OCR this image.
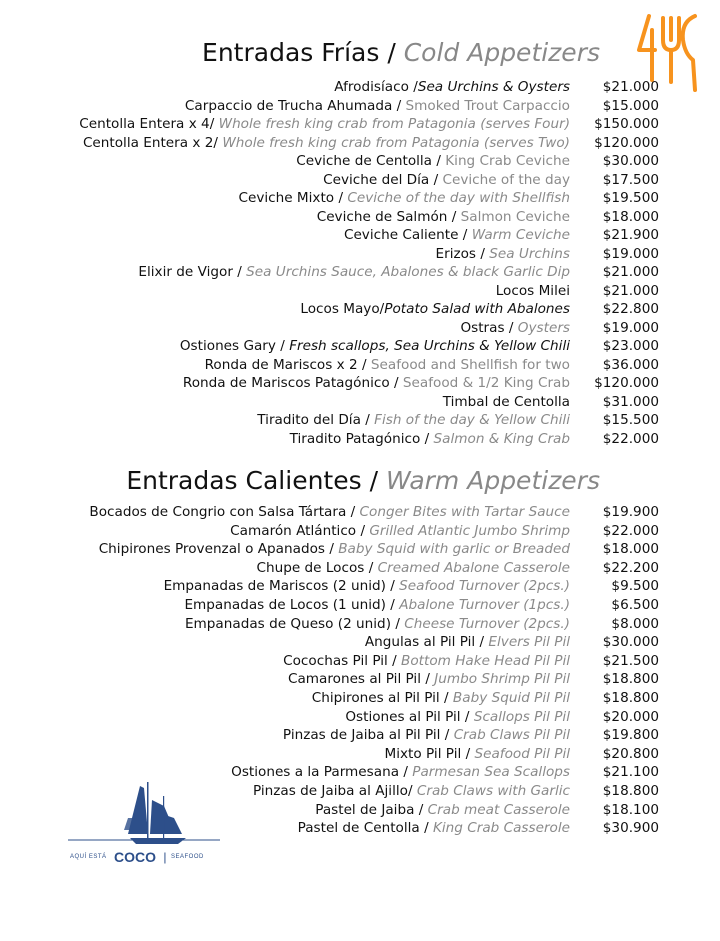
Entradas Frías / Cold Appetizers
Afrodisíaco /Sea Urchins & Oysters $21.000
Carpaccio de Trucha Ahumada / Smoked Trout Carpaccio $15.000
Centolla Entera x 4/ Whole fresh king crab from Patagonia (serves Four) $150.000
Centolla Entera x 2/ Whole fresh king crab from Patagonia (serves Two) $120.000
Ceviche de Centolla / King Crab Ceviche $30.000
Ceviche del Día / Ceviche of the day $17.500
Ceviche Mixto / Ceviche of the day with Shellfish $19.500
Ceviche de Salmón / Salmon Ceviche $18.000
Ceviche Caliente / Warm Ceviche $21.900
Erizos / Sea Urchins $19.000
Elixir de Vigor / Sea Urchins Sauce, Abalones & black Garlic Dip $21.000
Locos Milei $21.000
Locos Mayo/Potato Salad with Abalones $22.800
Ostras / Oysters $19.000
Ostiones Gary / Fresh scallops, Sea Urchins & Yellow Chili $23.000
Ronda de Mariscos x 2 / Seafood and Shellfish for two $36.000
Ronda de Mariscos Patagónico / Seafood & 1/2 King Crab $120.000
Timbal de Centolla $31.000
Tiradito del Día / Fish of the day & Yellow Chili $15.500
Tiradito Patagónico / Salmon & King Crab $22.000
Entradas Calientes / Warm Appetizers
Bocados de Congrio con Salsa Tártara / Conger Bites with Tartar Sauce $19.900
Camarón Atlántico / Grilled Atlantic Jumbo Shrimp $22.000
Chipirones Provenzal o Apanados / Baby Squid with garlic or Breaded $18.000
Chupe de Locos / Creamed Abalone Casserole $22.200
Empanadas de Mariscos (2 unid) / Seafood Turnover (2pcs.)	$9.500
Empanadas de Locos (1 unid) / Abalone Turnover (1pcs.)	$6.500
Empanadas de Queso (2 unid) / Cheese Turnover (2pcs.)	$8.000
Angulas al Pil Pil / Elvers Pil Pil $30.000
Cocochas Pil Pil / Bottom Hake Head Pil Pil $21.500
Camarones al Pil Pil / Jumbo Shrimp Pil Pil $18.800
Chipirones al Pil Pil / Baby Squid Pil Pil $18.800
Ostiones al Pil Pil / Scallops Pil Pil $20.000
Pinzas de Jaiba al Pil Pil / Crab Claws Pil Pil $19.800
Mixto Pil Pil / Seafood Pil Pil $20.800
Ostiones a la Parmesana / Parmesan Sea Scallops $21.100
Pinzas de Jaiba al Ajillo/ Crab Claws with Garlic $18.800
Pastel de Jaiba / Crab meat Casserole $18.100
Pastel de Centolla / King Crab Casserole $30.900
AQUÍ ESTÁ COCO | SEAFOOD
